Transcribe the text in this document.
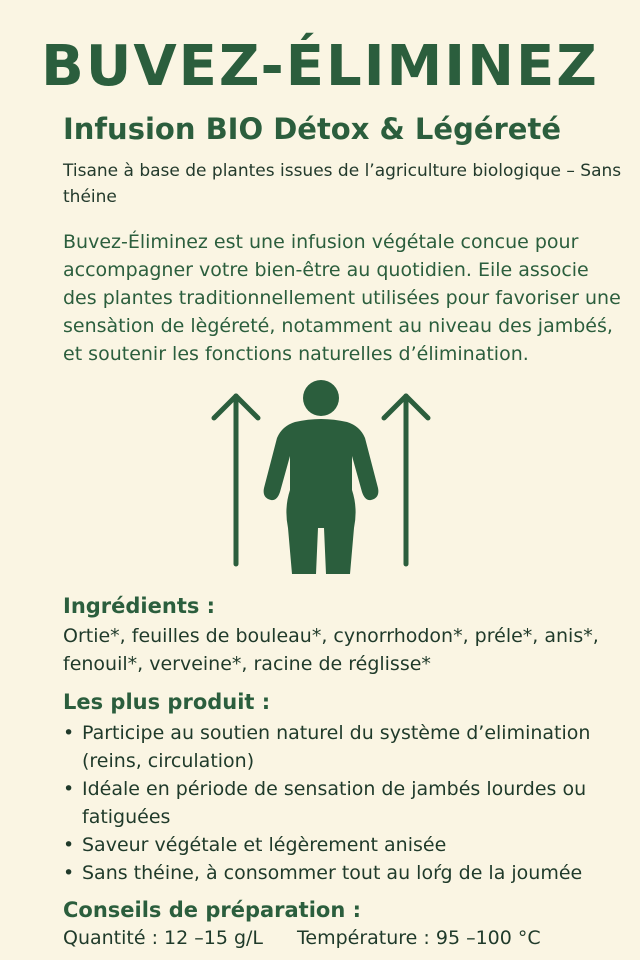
BUVEZ-ÉLIMINEZ
Infusion BIO Détox & Légéreté

Tisane à base de plantes issues de l’agriculture biologique – Sans théine

Buvez-Éliminez est une infusion végétale concue pour accompagner votre bien-être au quotidien. Eile associe des plantes traditionnellement utilisées pour favoriser une sensàtion de lègéreté, notamment au niveau des jambéś, et soutenir les fonctions naturelles d’élimination.

Ingrédients :

Ortie*, feuilles de bouleau*, cynorrhodon*, préle*, anis*, fenouil*, verveine*, racine de réglisse*

Les plus produit :
• Participe au soutien naturel du système d’elimination (reins, circulation)
• Idéale en période de sensation de jambés lourdes ou fatiguées
• Saveur végétale et légèrement anisée
• Sans théine, à consommer tout au loŕg de la joumée
Conseils de préparation :

Quantité : 12 –15 g/L Température : 95 –100 °C
